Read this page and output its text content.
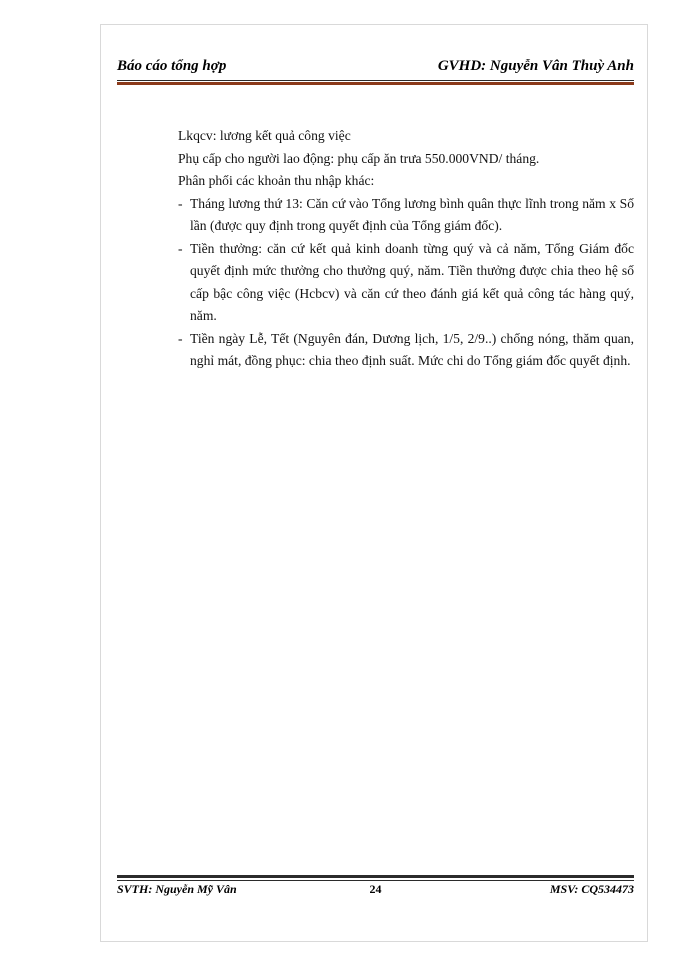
Báo cáo tổng hợp	GVHD: Nguyễn Vân Thuỳ Anh

Lkqcv: lương kết quả công việc

Phụ cấp cho người lao động: phụ cấp ăn trưa 550.000VND/ tháng.

Phân phối các khoản thu nhập khác:

- Tháng lương thứ 13: Căn cứ vào Tổng lương bình quân thực lĩnh trong năm x Số lần (được quy định trong quyết định của Tổng giám đốc).

- Tiền thưởng: căn cứ kết quả kinh doanh từng quý và cả năm, Tổng Giám đốc quyết định mức thưởng cho thưởng quý, năm. Tiền thưởng được chia theo hệ số cấp bậc công việc (Hcbcv) và căn cứ theo đánh giá kết quả công tác hàng quý, năm.

- Tiền ngày Lễ, Tết (Nguyên đán, Dương lịch, 1/5, 2/9..) chống nóng, thăm quan, nghỉ mát, đồng phục: chia theo định suất. Mức chi do Tổng giám đốc quyết định.

SVTH: Nguyễn Mỹ Vân	24	MSV: CQ534473
